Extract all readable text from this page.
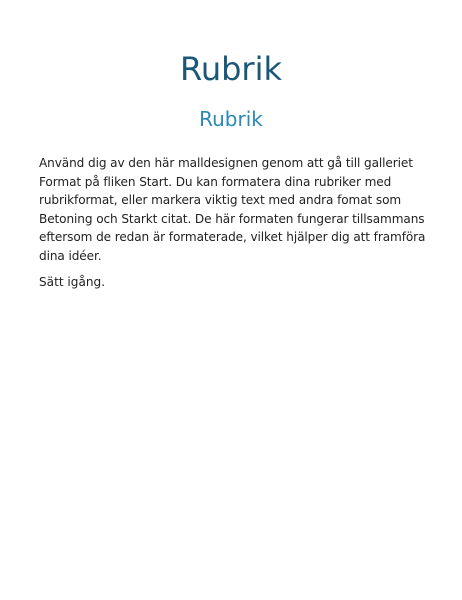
Rubrik
Rubrik

Använd dig av den här malldesignen genom att gå till galleriet
Format på fliken Start. Du kan formatera dina rubriker med
rubrikformat, eller markera viktig text med andra fomat som
Betoning och Starkt citat. De här formaten fungerar tillsammans
eftersom de redan är formaterade, vilket hjälper dig att framföra
dina idéer.

Sätt igång.
